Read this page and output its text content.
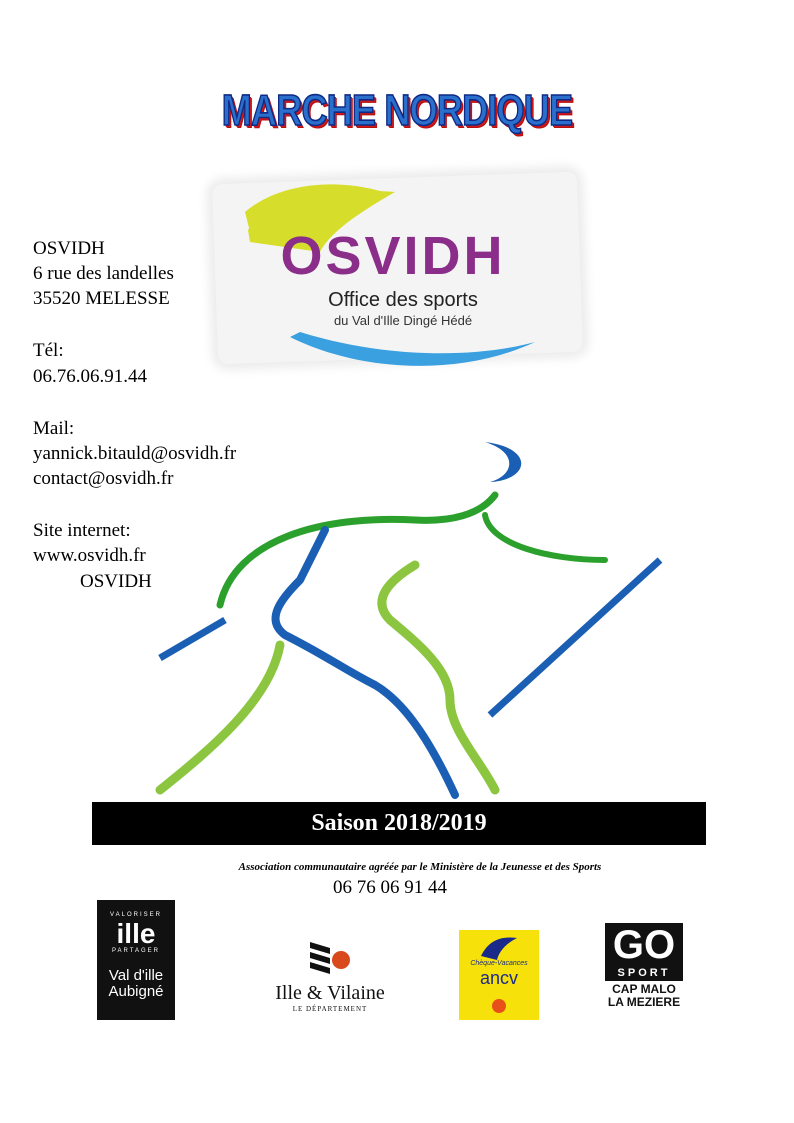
MARCHE NORDIQUE
OSVIDH
Office des sports
du Val d'Ille Dingé Hédé
OSVIDH
6 rue des landelles
35520 MELESSE
Tél:
06.76.06.91.44
Mail:
yannick.bitauld@osvidh.fr
contact@osvidh.fr
Site internet:
www.osvidh.fr
OSVIDH
Saison 2018/2019
Association communautaire agréée par le Ministère de la Jeunesse et des Sports
06 76 06 91 44
VALORISER
ille
PARTAGER
Val d'ille
Aubigné	Ille & Vilaine
LE DÉPARTEMENT
Chèque-Vacances
ancv
GO
SPORT
CAP MALO
LA MEZIERE
